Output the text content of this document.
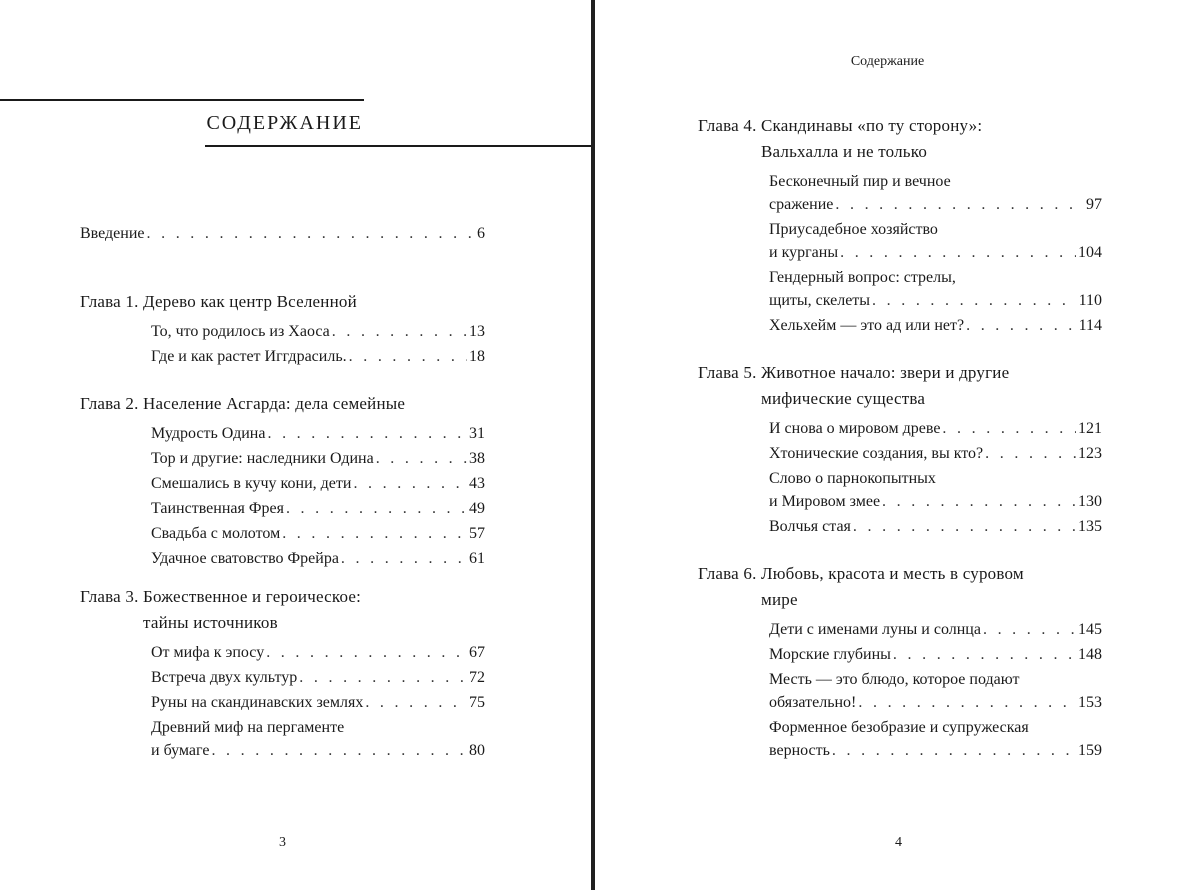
СОДЕРЖАНИЕ
Введение . . .	6
Глава 1.
Дерево как центр Вселенной
То, что родилось из Хаоса . . .	13
Где и как растет Иггдрасиль. . . .	18
Глава 2.
Население Асгарда: дела семейные
Мудрость Одина . . .	31
Тор и другие: наследники Одина . . .	38
Смешались в кучу кони, дети . . .	43
Таинственная Фрея . . .	49
Свадьба с молотом . . .	57
Удачное сватовство Фрейра . . .	61
Глава 3.
Божественное и героическое:
тайны источников
От мифа к эпосу . . .	67
Встреча двух культур . . .	72
Руны на скандинавских землях . . .	75
Древний миф на пергаменте
и бумаге . . .	80
3
Содержание
Глава 4.
Скандинавы «по ту сторону»:
Вальхалла и не только
Бесконечный пир и вечное
сражение . . .	97
Приусадебное хозяйство
и курганы . . .	104
Гендерный вопрос: стрелы,
щиты, скелеты . . .	110
Хельхейм — это ад или нет? . . .	114
Глава 5.
Животное начало: звери и другие
мифические существа
И снова о мировом древе . . .	121
Хтонические создания, вы кто? . . .	123
Слово о парнокопытных
и Мировом змее . . .	130
Волчья стая . . .	135
Глава 6.
Любовь, красота и месть в суровом
мире
Дети с именами луны и солнца . . .	145
Морские глубины . . .	148
Месть — это блюдо, которое подают
обязательно! . . .	153
Форменное безобразие и супружеская
верность . . .	159
4
